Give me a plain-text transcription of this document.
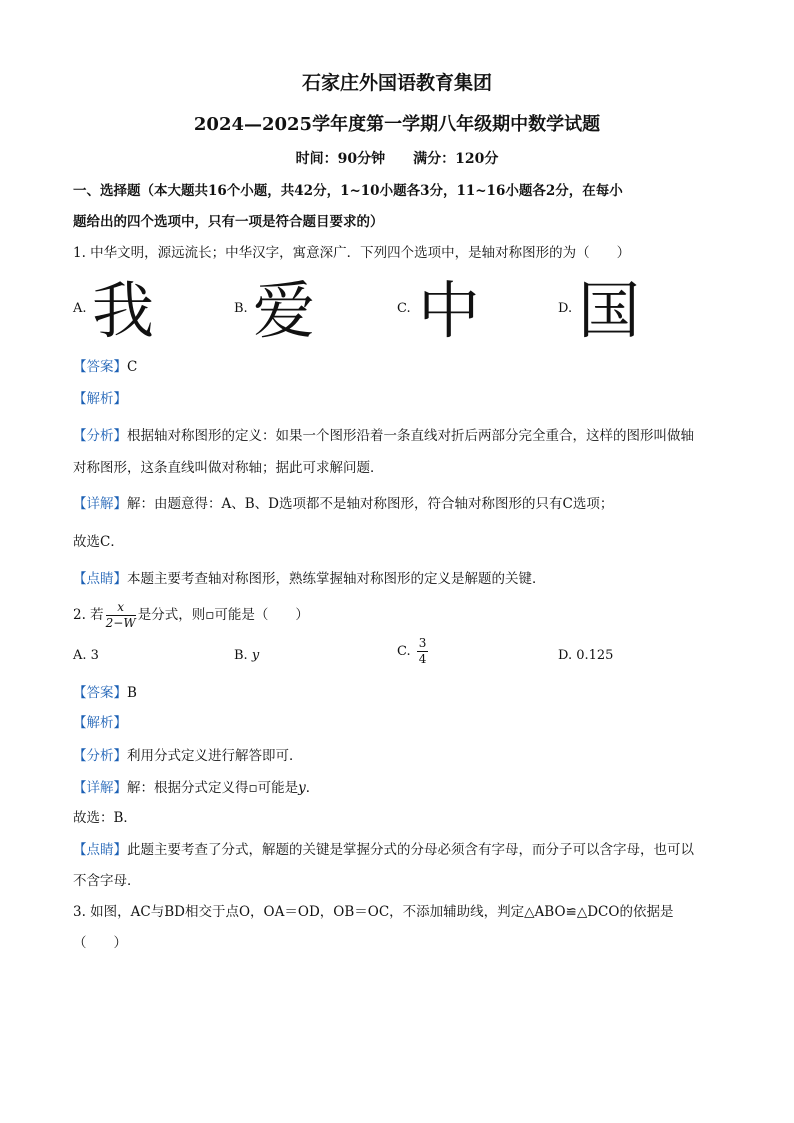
石家庄外国语教育集团
2024—2025学年度第一学期八年级期中数学试题
时间：90分钟　　满分：120分
一、选择题（本大题共16个小题，共42分，1~10小题各3分，11~16小题各2分，在每小
题给出的四个选项中，只有一项是符合题目要求的）
1. 中华文明，源远流长；中华汉字，寓意深广．下列四个选项中，是轴对称图形的为（　　）
A. 我	B. 爱	C. 中	D. 国
【答案】C
【解析】
【分析】根据轴对称图形的定义：如果一个图形沿着一条直线对折后两部分完全重合，这样的图形叫做轴
对称图形，这条直线叫做对称轴；据此可求解问题．
【详解】解：由题意得：A、B、D选项都不是轴对称图形，符合轴对称图形的只有C选项；
故选C．
【点睛】本题主要考查轴对称图形，熟练掌握轴对称图形的定义是解题的关键．
2. 若 $\frac{x}{2-W}$ 是分式，则▫可能是（　　）
A. 3	B. y	C. $\frac{3}{4}$	D. 0.125
【答案】B
【解析】
【分析】利用分式定义进行解答即可．
【详解】解：根据分式定义得▫可能是y．
故选：B．
【点睛】此题主要考查了分式，解题的关键是掌握分式的分母必须含有字母，而分子可以含字母，也可以
不含字母．
3. 如图，AC与BD相交于点O，OA＝OD，OB＝OC，不添加辅助线，判定△ABO≌△DCO的依据是
（　　）
